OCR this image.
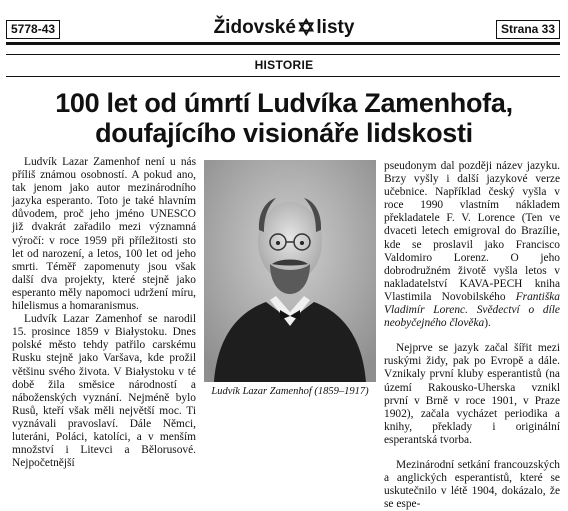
5778-43	Židovské✡listy	Strana 33
HISTORIE
100 let od úmrtí Ludvíka Zamenhofa,
doufajícího visionáře lidskosti

Ludvík Lazar Zamenhof není u nás příliš známou osobností. A pokud ano, tak jenom jako autor mezinárodního jazyka esperanto. Toto je také hlavním důvodem, proč jeho jméno UNESCO již dvakrát zařadilo mezi významná výročí: v roce 1959 při příležitosti sto let od narození, a letos, 100 let od jeho smrti. Téměř zapomenuty jsou však další dva projekty, které stejně jako esperanto měly napomoci udržení míru, hilelismus a homaranismus.

Ludvík Lazar Zamenhof se narodil 15. prosince 1859 v Białystoku. Dnes polské město tehdy patřilo carskému Rusku stejně jako Varšava, kde prožil většinu svého života. V Białystoku v té době žila směsice národností a náboženských vyznání. Nejméně bylo Rusů, kteří však měli největší moc. Ti vyznávali pravoslaví. Dále Němci, luteráni, Poláci, katolíci, a v menším množství i Litevci a Bělorusové. Nejpočetnější

Ludvík Lazar Zamenhof (1859–1917)

pseudonym dal později název jazyku. Brzy vyšly i další jazykové verze učebnice. Například český vyšla v roce 1990 vlastním nákladem překladatele F. V. Lorence (Ten ve dvaceti letech emigroval do Brazílie, kde se proslavil jako Francisco Valdomiro Lorenz. O jeho dobrodružném životě vyšla letos v nakladatelství KAVA-PECH kniha Vlastimila Novobilského Františka Vladimír Lorenc. Svědectví o díle neobyčejného člověka).

Nejprve se jazyk začal šířit mezi ruskými židy, pak po Evropě a dále. Vznikaly první kluby esperantistů (na území Rakousko-Uherska vznikl první v Brně v roce 1901, v Praze 1902), začala vycházet periodika a knihy, překlady i originální esperantská tvorba.

Mezinárodní setkání francouzských a anglických esperantistů, které se uskutečnilo v létě 1904, dokázalo, že se espe-
